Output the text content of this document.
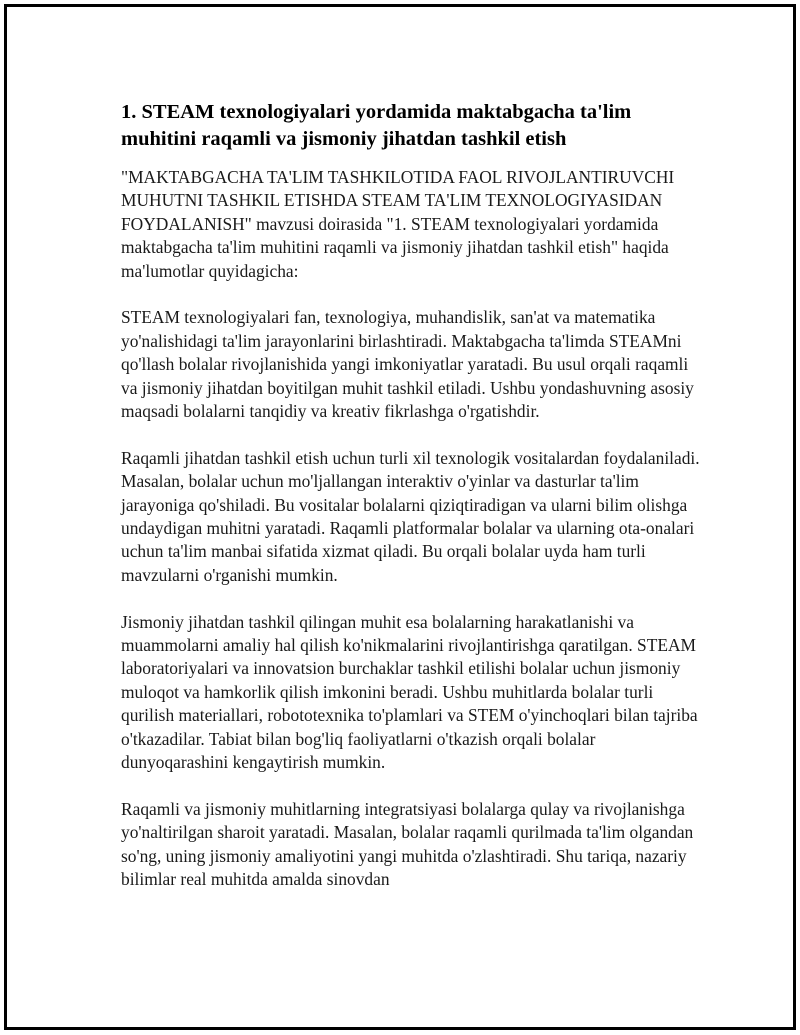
1. STEAM texnologiyalari yordamida maktabgacha ta'lim muhitini raqamli va jismoniy jihatdan tashkil etish

"MAKTABGACHA TA'LIM TASHKILOTIDA FAOL RIVOJLANTIRUVCHI MUHUTNI TASHKIL ETISHDA STEAM TA'LIM TEXNOLOGIYASIDAN FOYDALANISH" mavzusi doirasida "1. STEAM texnologiyalari yordamida maktabgacha ta'lim muhitini raqamli va jismoniy jihatdan tashkil etish" haqida ma'lumotlar quyidagicha:

STEAM texnologiyalari fan, texnologiya, muhandislik, san'at va matematika yo'nalishidagi ta'lim jarayonlarini birlashtiradi. Maktabgacha ta'limda STEAMni qo'llash bolalar rivojlanishida yangi imkoniyatlar yaratadi. Bu usul orqali raqamli va jismoniy jihatdan boyitilgan muhit tashkil etiladi. Ushbu yondashuvning asosiy maqsadi bolalarni tanqidiy va kreativ fikrlashga o'rgatishdir.

Raqamli jihatdan tashkil etish uchun turli xil texnologik vositalardan foydalaniladi. Masalan, bolalar uchun mo'ljallangan interaktiv o'yinlar va dasturlar ta'lim jarayoniga qo'shiladi. Bu vositalar bolalarni qiziqtiradigan va ularni bilim olishga undaydigan muhitni yaratadi. Raqamli platformalar bolalar va ularning ota-onalari uchun ta'lim manbai sifatida xizmat qiladi. Bu orqali bolalar uyda ham turli mavzularni o'rganishi mumkin.

Jismoniy jihatdan tashkil qilingan muhit esa bolalarning harakatlanishi va muammolarni amaliy hal qilish ko'nikmalarini rivojlantirishga qaratilgan. STEAM laboratoriyalari va innovatsion burchaklar tashkil etilishi bolalar uchun jismoniy muloqot va hamkorlik qilish imkonini beradi. Ushbu muhitlarda bolalar turli qurilish materiallari, robototexnika to'plamlari va STEM o'yinchoqlari bilan tajriba o'tkazadilar. Tabiat bilan bog'liq faoliyatlarni o'tkazish orqali bolalar dunyoqarashini kengaytirish mumkin.

Raqamli va jismoniy muhitlarning integratsiyasi bolalarga qulay va rivojlanishga yo'naltirilgan sharoit yaratadi. Masalan, bolalar raqamli qurilmada ta'lim olgandan so'ng, uning jismoniy amaliyotini yangi muhitda o'zlashtiradi. Shu tariqa, nazariy bilimlar real muhitda amalda sinovdan
